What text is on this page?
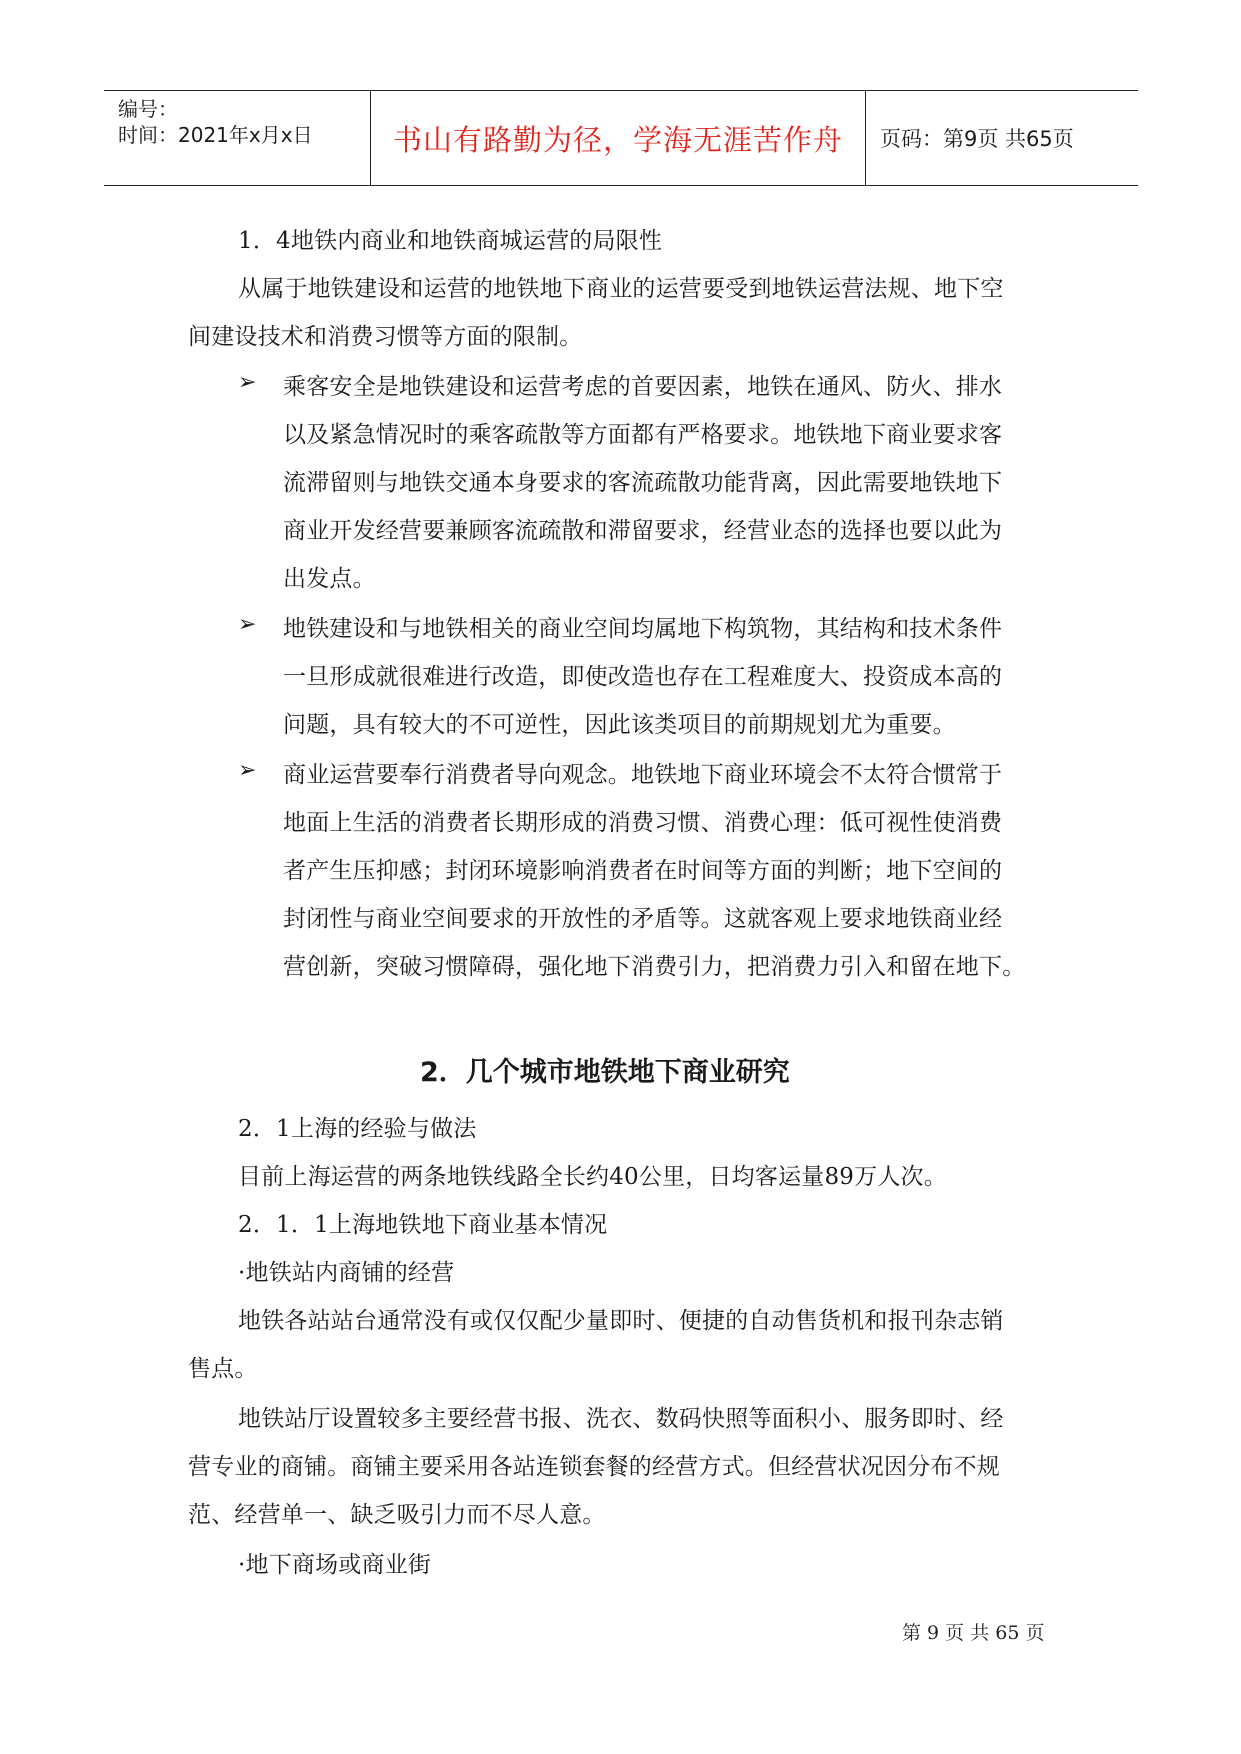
编号：
时间：2021年x月x日	书山有路勤为径，学海无涯苦作舟	页码：第9页 共65页
1．4地铁内商业和地铁商城运营的局限性
从属于地铁建设和运营的地铁地下商业的运营要受到地铁运营法规、地下空
间建设技术和消费习惯等方面的限制。
➢ 乘客安全是地铁建设和运营考虑的首要因素，地铁在通风、防火、排水
以及紧急情况时的乘客疏散等方面都有严格要求。地铁地下商业要求客
流滞留则与地铁交通本身要求的客流疏散功能背离，因此需要地铁地下
商业开发经营要兼顾客流疏散和滞留要求，经营业态的选择也要以此为
出发点。
➢ 地铁建设和与地铁相关的商业空间均属地下构筑物，其结构和技术条件
一旦形成就很难进行改造，即使改造也存在工程难度大、投资成本高的
问题，具有较大的不可逆性，因此该类项目的前期规划尤为重要。
➢ 商业运营要奉行消费者导向观念。地铁地下商业环境会不太符合惯常于
地面上生活的消费者长期形成的消费习惯、消费心理：低可视性使消费
者产生压抑感；封闭环境影响消费者在时间等方面的判断；地下空间的
封闭性与商业空间要求的开放性的矛盾等。这就客观上要求地铁商业经
营创新，突破习惯障碍，强化地下消费引力，把消费力引入和留在地下。
2．几个城市地铁地下商业研究
2．1上海的经验与做法
目前上海运营的两条地铁线路全长约40公里，日均客运量89万人次。
2．1．1上海地铁地下商业基本情况
·地铁站内商铺的经营
地铁各站站台通常没有或仅仅配少量即时、便捷的自动售货机和报刊杂志销
售点。
地铁站厅设置较多主要经营书报、洗衣、数码快照等面积小、服务即时、经
营专业的商铺。商铺主要采用各站连锁套餐的经营方式。但经营状况因分布不规
范、经营单一、缺乏吸引力而不尽人意。
·地下商场或商业街
第 9 页 共 65 页
